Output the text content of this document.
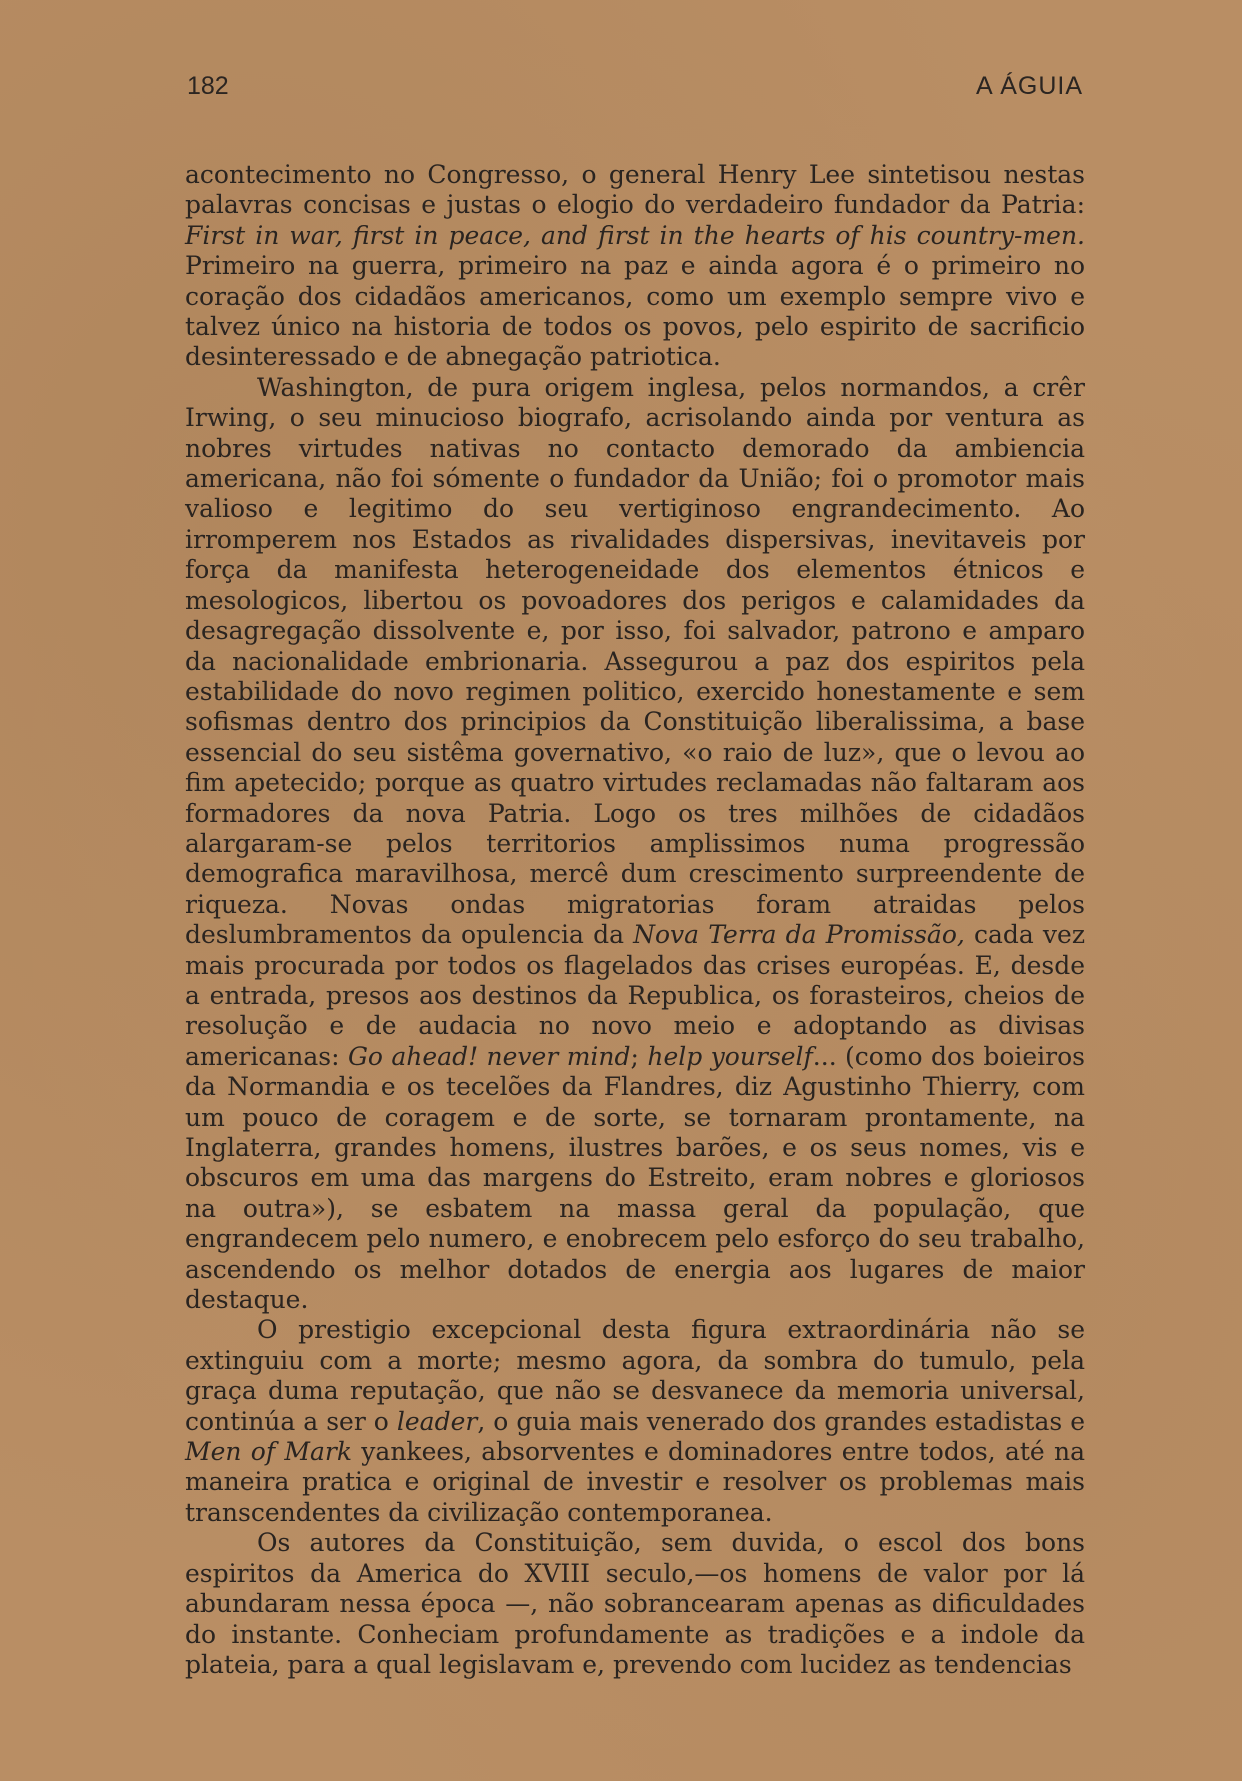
182	A ÁGUIA

acontecimento no Congresso, o general Henry Lee sintetisou nestas palavras concisas e justas o elogio do verdadeiro fundador da Patria: First in war, first in peace, and first in the hearts of his country-men. Primeiro na guerra, primeiro na paz e ainda agora é o primeiro no coração dos cidadãos americanos, como um exemplo sempre vivo e talvez único na historia de todos os povos, pelo espirito de sacrificio desinteressado e de abnegação patriotica.

Washington, de pura origem inglesa, pelos normandos, a crêr Irwing, o seu minucioso biografo, acrisolando ainda por ventura as nobres virtudes nativas no contacto demorado da ambiencia americana, não foi sómente o fundador da União; foi o promotor mais valioso e legitimo do seu vertiginoso engrandecimento. Ao irromperem nos Estados as rivalidades dispersivas, inevitaveis por força da manifesta heterogeneidade dos elementos étnicos e mesologicos, libertou os povoadores dos perigos e calamidades da desagregação dissolvente e, por isso, foi salvador, patrono e amparo da nacionalidade embrionaria. Assegurou a paz dos espiritos pela estabilidade do novo regimen politico, exercido honestamente e sem sofismas dentro dos principios da Constituição liberalissima, a base essencial do seu sistêma governativo, «o raio de luz», que o levou ao fim apetecido; porque as quatro virtudes reclamadas não faltaram aos formadores da nova Patria. Logo os tres milhões de cidadãos alargaram-se pelos territorios amplissimos numa progressão demografica maravilhosa, mercê dum crescimento surpreendente de riqueza. Novas ondas migratorias foram atraidas pelos deslumbramentos da opulencia da Nova Terra da Promissão, cada vez mais procurada por todos os flagelados das crises européas. E, desde a entrada, presos aos destinos da Republica, os forasteiros, cheios de resolução e de audacia no novo meio e adoptando as divisas americanas: Go ahead! never mind; help yourself... (como dos boieiros da Normandia e os tecelões da Flandres, diz Agustinho Thierry, com um pouco de coragem e de sorte, se tornaram prontamente, na Inglaterra, grandes homens, ilustres barões, e os seus nomes, vis e obscuros em uma das margens do Estreito, eram nobres e gloriosos na outra»), se esbatem na massa geral da população, que engrandecem pelo numero, e enobrecem pelo esforço do seu trabalho, ascendendo os melhor dotados de energia aos lugares de maior destaque.

O prestigio excepcional desta figura extraordinária não se extinguiu com a morte; mesmo agora, da sombra do tumulo, pela graça duma reputação, que não se desvanece da memoria universal, continúa a ser o leader, o guia mais venerado dos grandes estadistas e Men of Mark yankees, absorventes e dominadores entre todos, até na maneira pratica e original de investir e resolver os problemas mais transcendentes da civilização contemporanea.

Os autores da Constituição, sem duvida, o escol dos bons espiritos da America do XVIII seculo,—os homens de valor por lá abundaram nessa época —, não sobrancearam apenas as dificuldades do instante. Conheciam profundamente as tradições e a indole da plateia, para a qual legislavam e, prevendo com lucidez as tendencias
